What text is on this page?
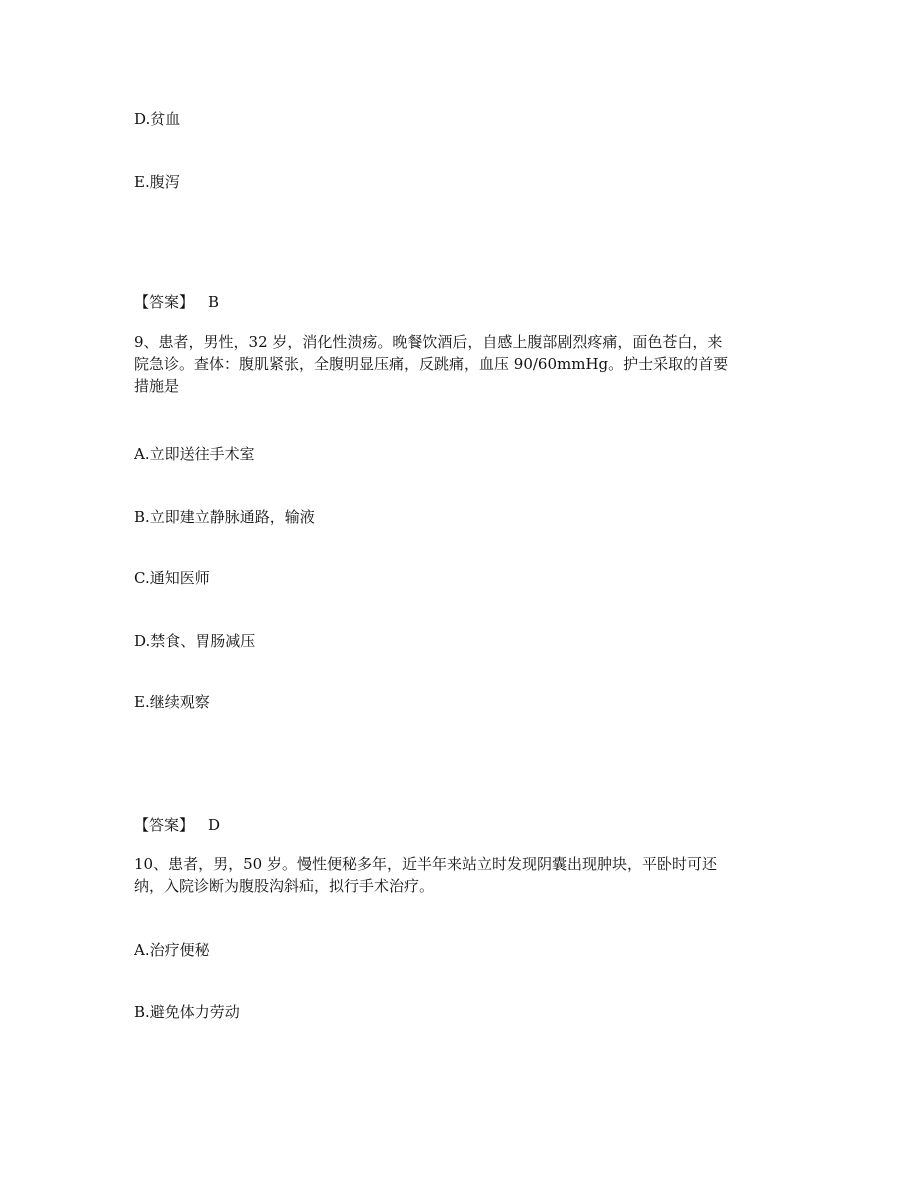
D.贫血
E.腹泻
【答案】 B

9、患者，男性，32 岁，消化性溃疡。晚餐饮酒后，自感上腹部剧烈疼痛，面色苍白，来

院急诊。查体：腹肌紧张，全腹明显压痛，反跳痛，血压 90/60mmHg。护士采取的首要

措施是

A.立即送往手术室
B.立即建立静脉通路，输液
C.通知医师
D.禁食、胃肠减压
E.继续观察
【答案】 D

10、患者，男，50 岁。慢性便秘多年，近半年来站立时发现阴囊出现肿块，平卧时可还

纳，入院诊断为腹股沟斜疝，拟行手术治疗。

A.治疗便秘
B.避免体力劳动
